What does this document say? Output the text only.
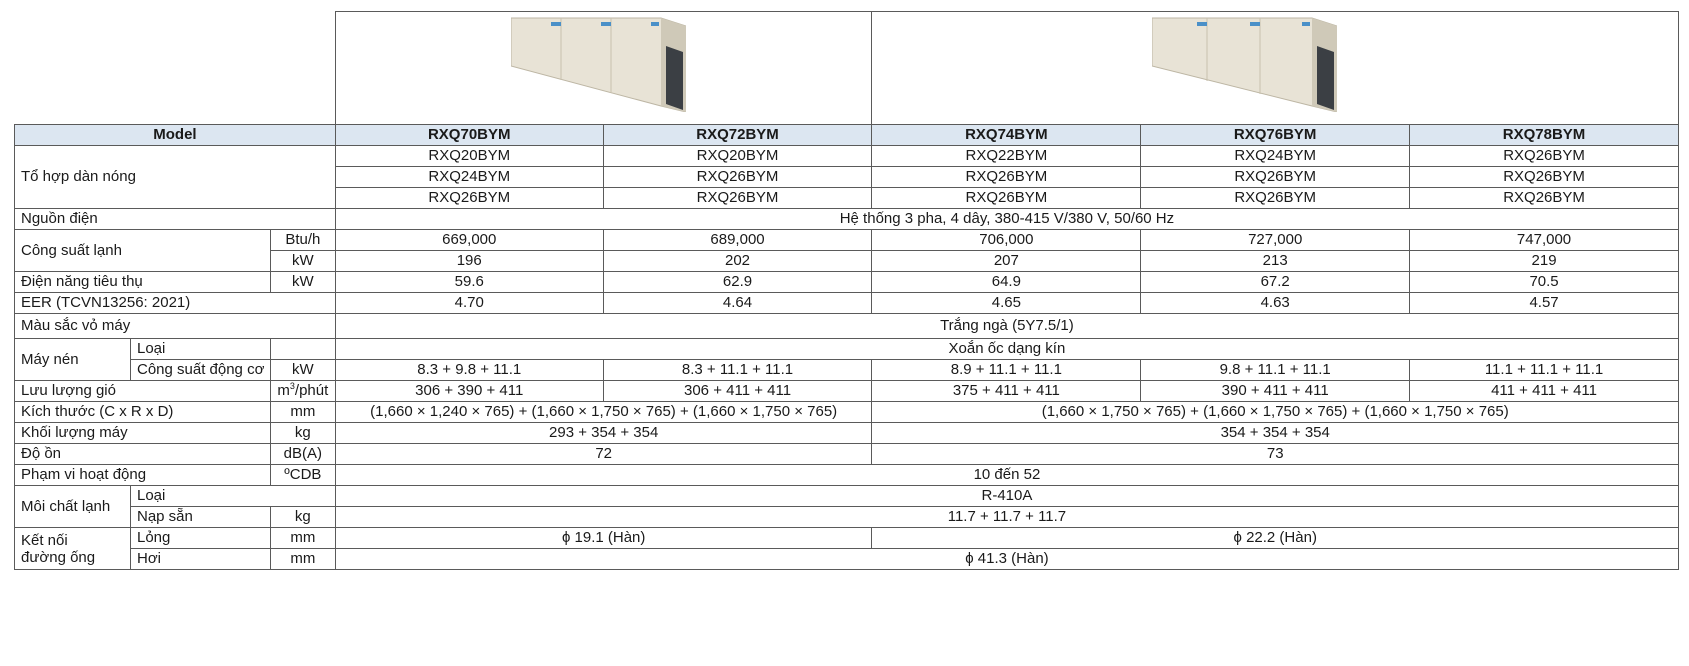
Model			RXQ70BYM	RXQ72BYM	RXQ74BYM	RXQ76BYM	RXQ78BYM
Tổ hợp dàn nóng			RXQ20BYM	RXQ20BYM	RXQ22BYM	RXQ24BYM	RXQ26BYM
			RXQ24BYM	RXQ26BYM	RXQ26BYM	RXQ26BYM	RXQ26BYM
			RXQ26BYM	RXQ26BYM	RXQ26BYM	RXQ26BYM	RXQ26BYM
Nguồn điện			Hệ thống 3 pha, 4 dây, 380-415 V/380 V, 50/60 Hz				
Công suất lạnh		Btu/h	669,000	689,000	706,000	727,000	747,000
		kW	196	202	207	213	219
Điện năng tiêu thụ		kW	59.6	62.9	64.9	67.2	70.5
EER (TCVN13256: 2021)			4.70	4.64	4.65	4.63	4.57
Màu sắc vỏ máy			Trắng ngà (5Y7.5/1)				
Máy nén	Loại		Xoắn ốc dạng kín				
	Công suất động cơ	kW	8.3 + 9.8 + 11.1	8.3 + 11.1 + 11.1	8.9 + 11.1 + 11.1	9.8 + 11.1 + 11.1	11.1 + 11.1 + 11.1
Lưu lượng gió		$m^3$/phút	306 + 390 + 411	306 + 411 + 411	375 + 411 + 411	390 + 411 + 411	411 + 411 + 411
Kích thước (C x R x D)		mm	(1,660 × 1,240 × 765) + (1,660 × 1,750 × 765) + (1,660 × 1,750 × 765)		(1,660 × 1,750 × 765) + (1,660 × 1,750 × 765) + (1,660 × 1,750 × 765)		
Khối lượng máy		kg	293 + 354 + 354		354 + 354 + 354		
Độ ồn		dB(A)	72		73		
Phạm vi hoạt động		ºCDB	10 đến 52				
Môi chất lạnh	Loại		R-410A				
	Nạp sẵn	kg	11.7 + 11.7 + 11.7				

Kết nối
đường ống	Lỏng	mm	ϕ 19.1 (Hàn)		ϕ 22.2 (Hàn)		
	Hơi	mm	ϕ 41.3 (Hàn)				
